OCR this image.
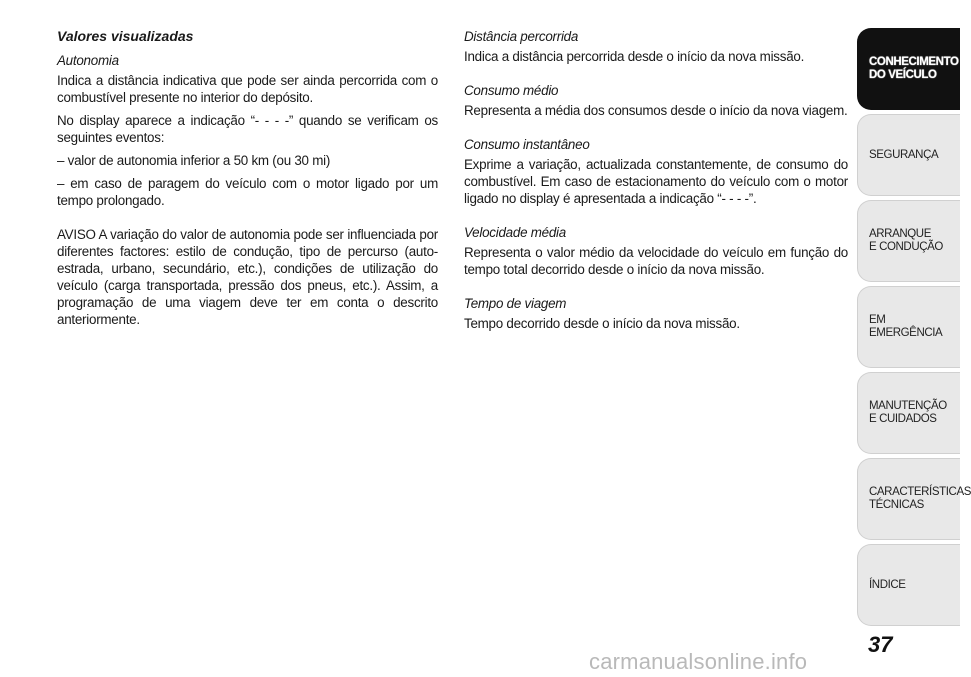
Valores visualizadas
Autonomia
Indica a distância indicativa que pode ser ainda percorrida com o combustível presente no interior do depósito.
No display aparece a indicação “- - - -” quando se verificam os seguintes eventos:
– valor de autonomia inferior a 50 km (ou 30 mi)
– em caso de paragem do veículo com o motor ligado por um tempo prolongado.
AVISO A variação do valor de autonomia pode ser influenciada por diferentes factores: estilo de condução, tipo de percurso (auto-estrada, urbano, secundário, etc.), condições de utilização do veículo (carga transportada, pressão dos pneus, etc.). Assim, a programação de uma viagem deve ter em conta o descrito anteriormente.
Distância percorrida
Indica a distância percorrida desde o início da nova missão.
Consumo médio
Representa a média dos consumos desde o início da nova viagem.
Consumo instantâneo
Exprime a variação, actualizada constantemente, de consumo do combustível. Em caso de estacionamento do veículo com o motor ligado no display é apresentada a indicação “- - - -”.
Velocidade média
Representa o valor médio da velocidade do veículo em função do tempo total decorrido desde o início da nova missão.
Tempo de viagem
Tempo decorrido desde o início da nova missão.
CONHECIMENTO
DO VEÍCULO
SEGURANÇA
ARRANQUE
E CONDUÇÃO
EM EMERGÊNCIA
MANUTENÇÃO
E CUIDADOS
CARACTERÍSTICAS
TÉCNICAS
ÍNDICE
37
carmanualsonline.info
